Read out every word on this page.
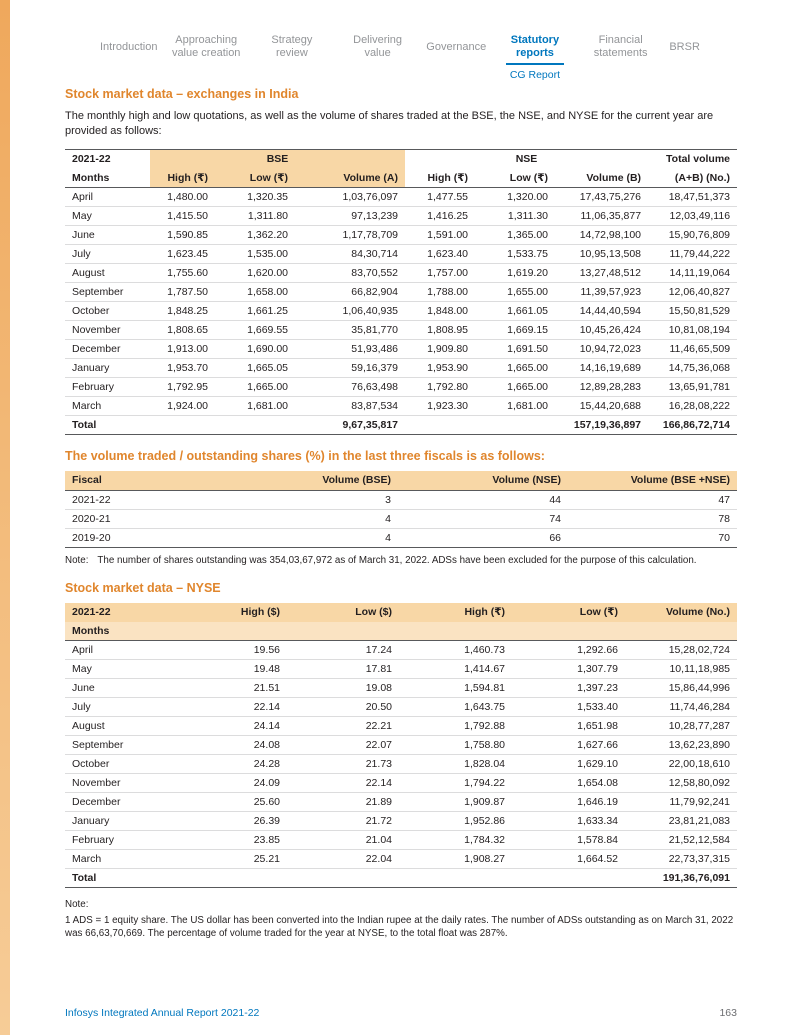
Introduction
Approaching value creation
Strategy review
Delivering value
Governance
Statutory reports
CG Report
Financial statements
BRSR
Stock market data – exchanges in India

The monthly high and low quotations, as well as the volume of shares traded at the BSE, the NSE, and NYSE for the current year are provided as follows:

2021-22	BSE			NSE			Total volume
Months	High (₹)	Low (₹)	Volume (A)	High (₹)	Low (₹)	Volume (B)	(A+B) (No.)
April	1,480.00	1,320.35	1,03,76,097	1,477.55	1,320.00	17,43,75,276	18,47,51,373
May	1,415.50	1,311.80	97,13,239	1,416.25	1,311.30	11,06,35,877	12,03,49,116
June	1,590.85	1,362.20	1,17,78,709	1,591.00	1,365.00	14,72,98,100	15,90,76,809
July	1,623.45	1,535.00	84,30,714	1,623.40	1,533.75	10,95,13,508	11,79,44,222
August	1,755.60	1,620.00	83,70,552	1,757.00	1,619.20	13,27,48,512	14,11,19,064
September	1,787.50	1,658.00	66,82,904	1,788.00	1,655.00	11,39,57,923	12,06,40,827
October	1,848.25	1,661.25	1,06,40,935	1,848.00	1,661.05	14,44,40,594	15,50,81,529
November	1,808.65	1,669.55	35,81,770	1,808.95	1,669.15	10,45,26,424	10,81,08,194
December	1,913.00	1,690.00	51,93,486	1,909.80	1,691.50	10,94,72,023	11,46,65,509
January	1,953.70	1,665.05	59,16,379	1,953.90	1,665.00	14,16,19,689	14,75,36,068
February	1,792.95	1,665.00	76,63,498	1,792.80	1,665.00	12,89,28,283	13,65,91,781
March	1,924.00	1,681.00	83,87,534	1,923.30	1,681.00	15,44,20,688	16,28,08,222
Total			9,67,35,817			157,19,36,897	166,86,72,714
The volume traded / outstanding shares (%) in the last three fiscals is as follows:
Fiscal	Volume (BSE)	Volume (NSE)	Volume (BSE +NSE)
2021-22	3	44	47
2020-21	4	74	78
2019-20	4	66	70

Note: The number of shares outstanding was 354,03,67,972 as of March 31, 2022. ADSs have been excluded for the purpose of this calculation.

Stock market data – NYSE
2021-22	High ($)	Low ($)	High (₹)	Low (₹)	Volume (No.)
Months					
April	19.56	17.24	1,460.73	1,292.66	15,28,02,724
May	19.48	17.81	1,414.67	1,307.79	10,11,18,985
June	21.51	19.08	1,594.81	1,397.23	15,86,44,996
July	22.14	20.50	1,643.75	1,533.40	11,74,46,284
August	24.14	22.21	1,792.88	1,651.98	10,28,77,287
September	24.08	22.07	1,758.80	1,627.66	13,62,23,890
October	24.28	21.73	1,828.04	1,629.10	22,00,18,610
November	24.09	22.14	1,794.22	1,654.08	12,58,80,092
December	25.60	21.89	1,909.87	1,646.19	11,79,92,241
January	26.39	21.72	1,952.86	1,633.34	23,81,21,083
February	23.85	21.04	1,784.32	1,578.84	21,52,12,584
March	25.21	22.04	1,908.27	1,664.52	22,73,37,315
Total					191,36,76,091

Note:
1 ADS = 1 equity share. The US dollar has been converted into the Indian rupee at the daily rates. The number of ADSs outstanding as on March 31, 2022 was 66,63,70,669. The percentage of volume traded for the year at NYSE, to the total float was 287%.

Infosys Integrated Annual Report 2021-22	163
